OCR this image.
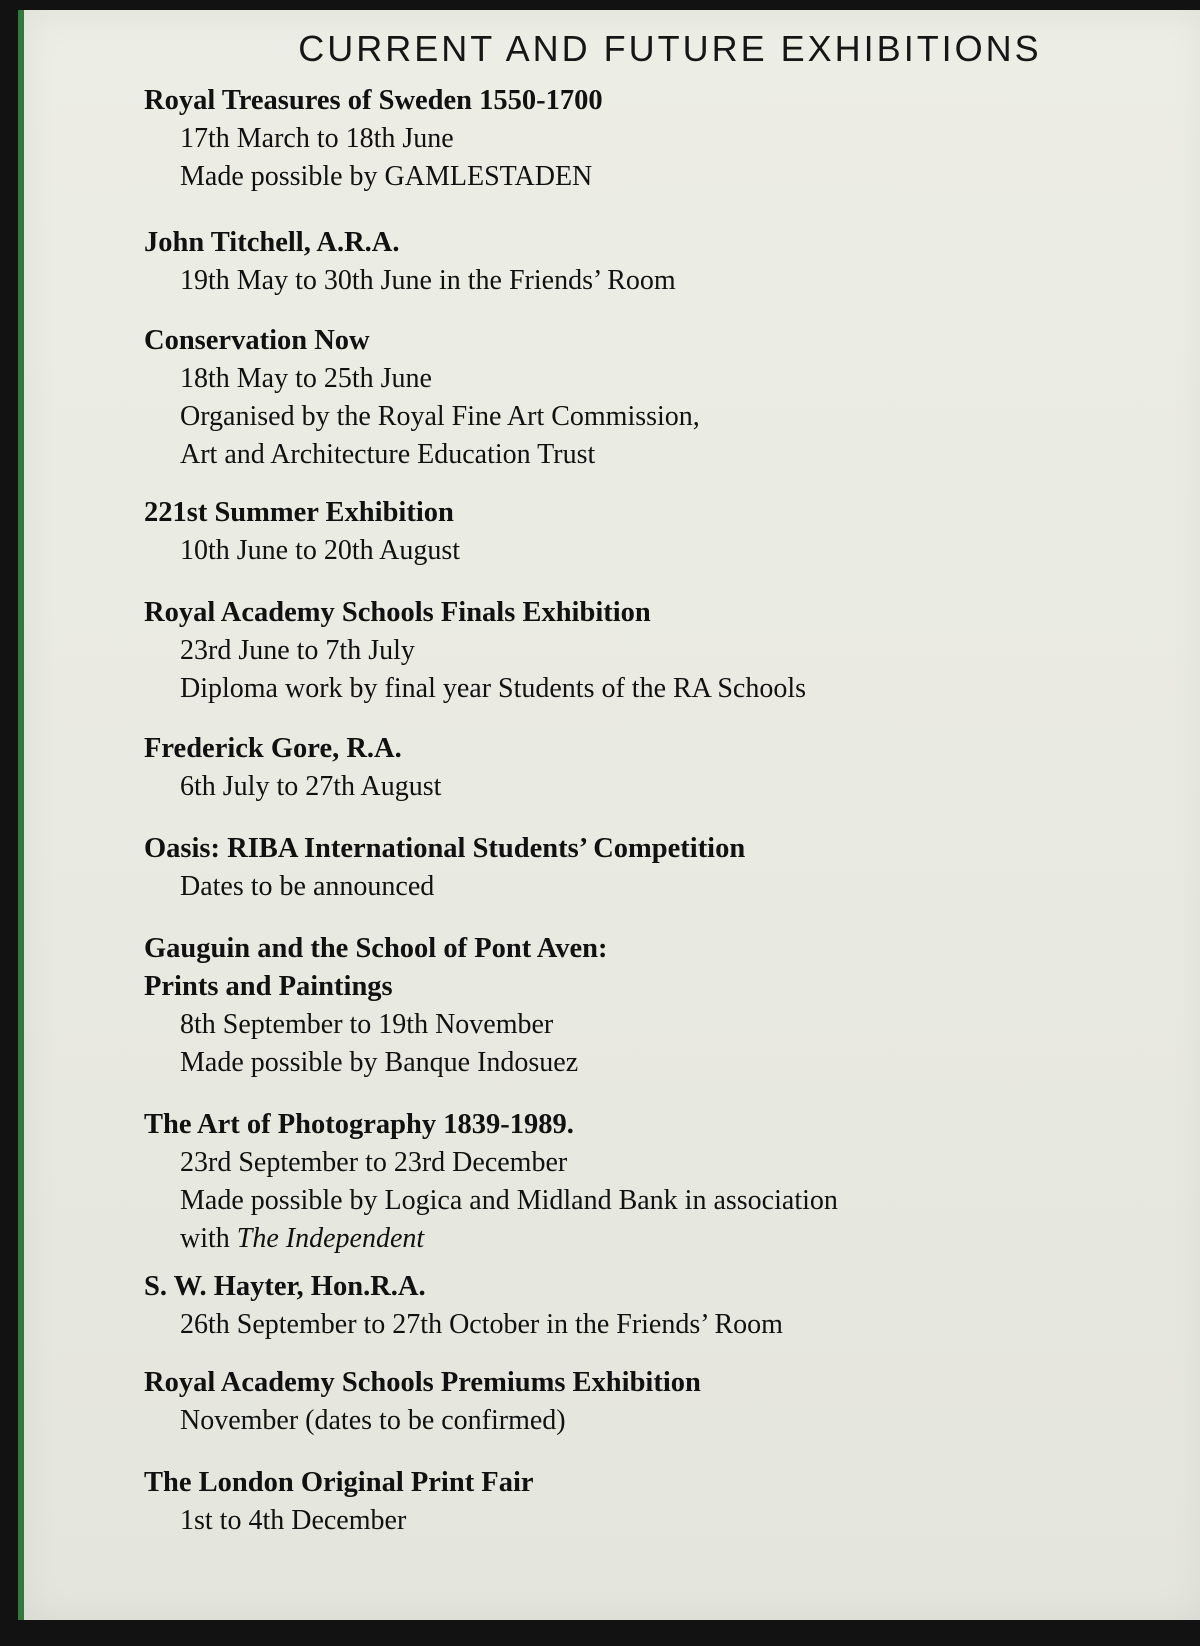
CURRENT AND FUTURE EXHIBITIONS
Royal Treasures of Sweden 1550-1700
17th March to 18th June
Made possible by GAMLESTADEN
John Titchell, A.R.A.
19th May to 30th June in the Friends’ Room
Conservation Now
18th May to 25th June
Organised by the Royal Fine Art Commission,
Art and Architecture Education Trust
221st Summer Exhibition
10th June to 20th August
Royal Academy Schools Finals Exhibition
23rd June to 7th July
Diploma work by final year Students of the RA Schools
Frederick Gore, R.A.
6th July to 27th August
Oasis: RIBA International Students’ Competition
Dates to be announced
Gauguin and the School of Pont Aven:
Prints and Paintings
8th September to 19th November
Made possible by Banque Indosuez
The Art of Photography 1839-1989.
23rd September to 23rd December
Made possible by Logica and Midland Bank in association
with The Independent
S. W. Hayter, Hon.R.A.
26th September to 27th October in the Friends’ Room
Royal Academy Schools Premiums Exhibition
November (dates to be confirmed)
The London Original Print Fair
1st to 4th December
